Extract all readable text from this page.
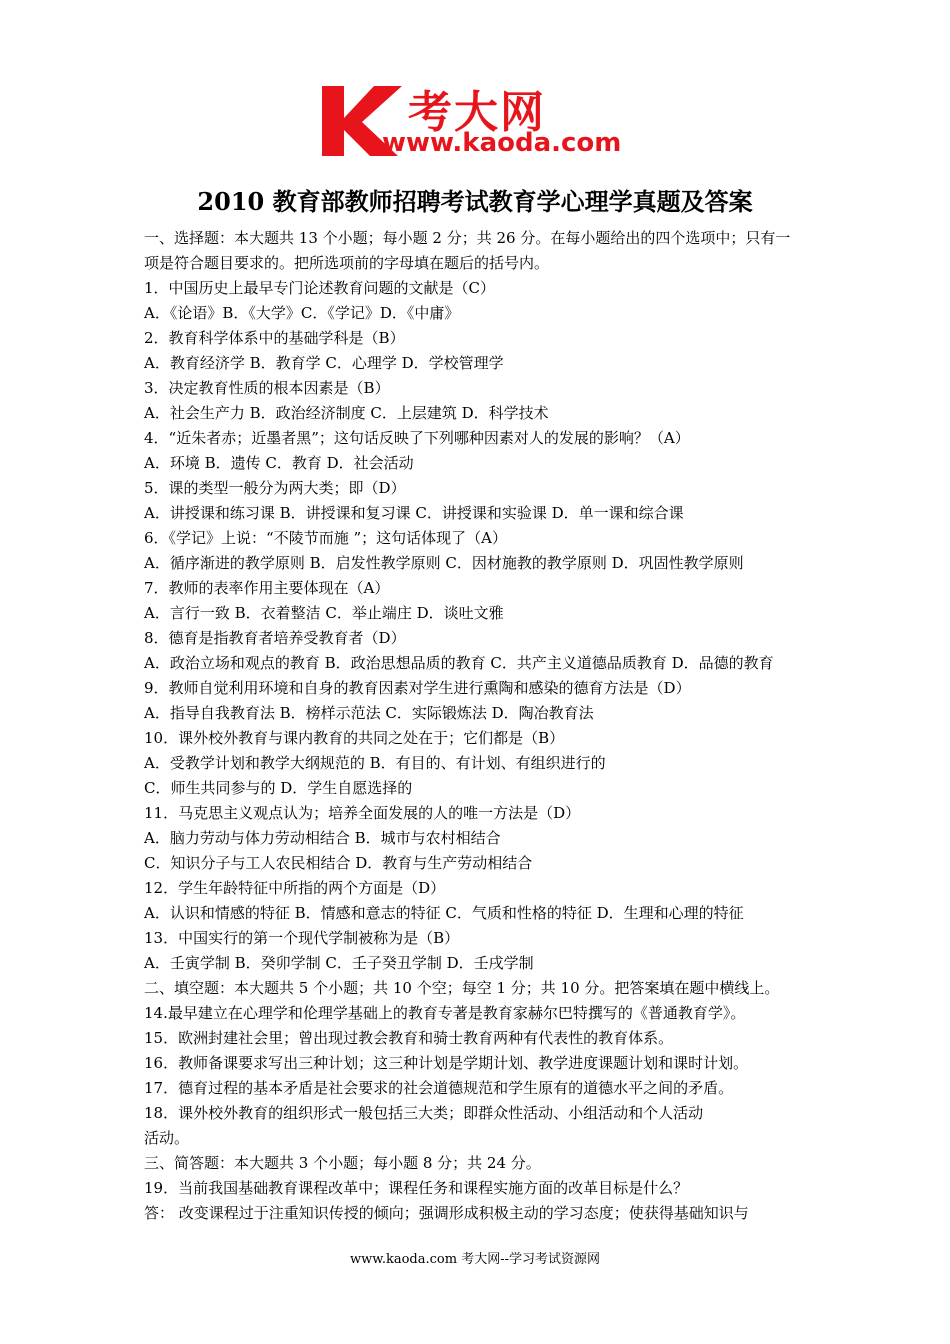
考大网
www.kaoda.com
2010 教育部教师招聘考试教育学心理学真题及答案
一、选择题：本大题共 13 个小题；每小题 2 分；共 26 分。在每小题给出的四个选项中；只有一
项是符合题目要求的。把所选项前的字母填在题后的括号内。
1．中国历史上最早专门论述教育问题的文献是（C）
A．《论语》B．《大学》C．《学记》D．《中庸》
2．教育科学体系中的基础学科是（B）
A．教育经济学 B．教育学 C．心理学 D．学校管理学
3．决定教育性质的根本因素是（B）
A．社会生产力 B．政治经济制度 C．上层建筑 D．科学技术
4．“近朱者赤；近墨者黑”；这句话反映了下列哪种因素对人的发展的影响？（A）
A．环境 B．遗传 C．教育 D．社会活动
5．课的类型一般分为两大类；即（D）
A．讲授课和练习课 B．讲授课和复习课 C．讲授课和实验课 D．单一课和综合课
6．《学记》上说：“不陵节而施 ”；这句话体现了（A）
A．循序渐进的教学原则 B．启发性教学原则 C．因材施教的教学原则 D．巩固性教学原则
7．教师的表率作用主要体现在（A）
A．言行一致 B．衣着整洁 C．举止端庄 D．谈吐文雅
8．德育是指教育者培养受教育者（D）
A．政治立场和观点的教育 B．政治思想品质的教育 C．共产主义道德品质教育 D．品德的教育
9．教师自觉利用环境和自身的教育因素对学生进行熏陶和感染的德育方法是（D）
A．指导自我教育法 B．榜样示范法 C．实际锻炼法 D．陶冶教育法
10．课外校外教育与课内教育的共同之处在于；它们都是（B）
A．受教学计划和教学大纲规范的 B．有目的、有计划、有组织进行的
C．师生共同参与的 D．学生自愿选择的
11．马克思主义观点认为；培养全面发展的人的唯一方法是（D）
A．脑力劳动与体力劳动相结合 B．城市与农村相结合
C．知识分子与工人农民相结合 D．教育与生产劳动相结合
12．学生年龄特征中所指的两个方面是（D）
A．认识和情感的特征 B．情感和意志的特征 C．气质和性格的特征 D．生理和心理的特征
13．中国实行的第一个现代学制被称为是（B）
A．壬寅学制 B．癸卯学制 C．壬子癸丑学制 D．壬戌学制
二、填空题：本大题共 5 个小题；共 10 个空；每空 1 分；共 10 分。把答案填在题中横线上。
14.最早建立在心理学和伦理学基础上的教育专著是教育家赫尔巴特撰写的《普通教育学》。
15．欧洲封建社会里；曾出现过教会教育和骑士教育两种有代表性的教育体系。
16．教师备课要求写出三种计划；这三种计划是学期计划、教学进度课题计划和课时计划。
17．德育过程的基本矛盾是社会要求的社会道德规范和学生原有的道德水平之间的矛盾。
18．课外校外教育的组织形式一般包括三大类；即群众性活动、小组活动和个人活动
活动。
三、简答题：本大题共 3 个小题；每小题 8 分；共 24 分。
19．当前我国基础教育课程改革中；课程任务和课程实施方面的改革目标是什么？
答： 改变课程过于注重知识传授的倾向；强调形成积极主动的学习态度；使获得基础知识与
www.kaoda.com 考大网--学习考试资源网
